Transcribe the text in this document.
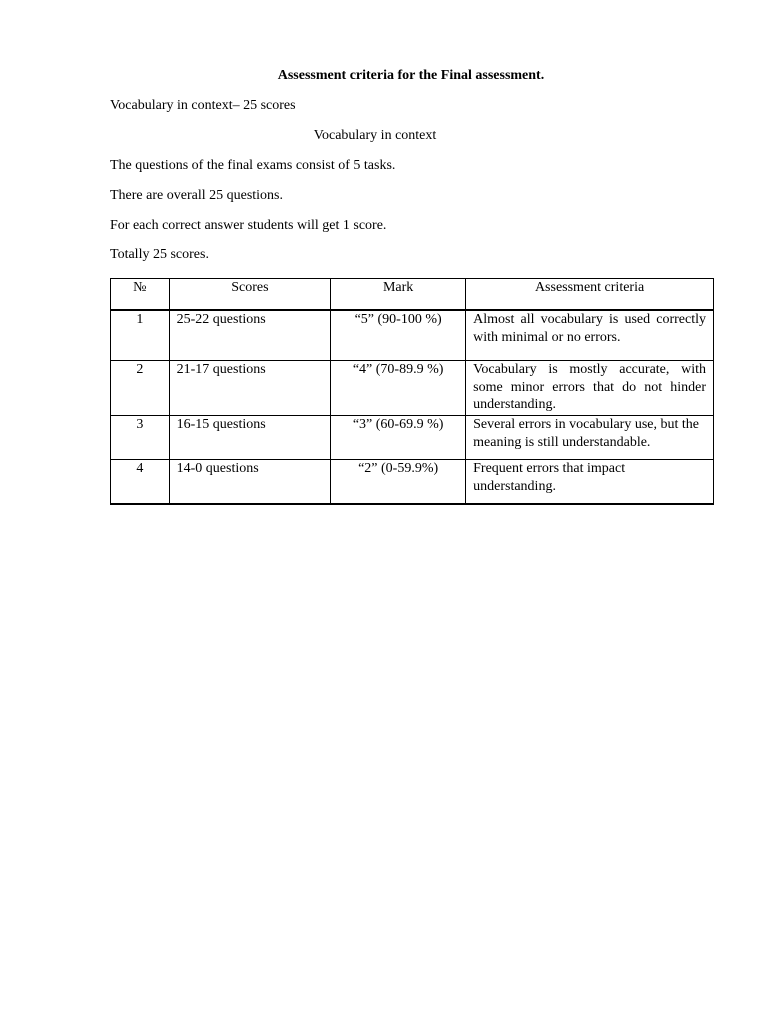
Assessment criteria for the Final assessment.
Vocabulary in context– 25 scores
Vocabulary in context
The questions of the final exams consist of 5 tasks.
There are overall 25 questions.
For each correct answer students will get 1 score.
Totally 25 scores.
№	Scores	Mark	Assessment criteria
1	25-22 questions	“5” (90-100 %)	Almost all vocabulary is used correctly with minimal or no errors.
2	21-17 questions	“4” (70-89.9 %)	Vocabulary is mostly accurate, with some minor errors that do not hinder understanding.
3	16-15 questions	“3” (60-69.9 %)	Several errors in vocabulary use, but the meaning is still understandable.
4	14-0 questions	“2” (0-59.9%)	Frequent errors that impact understanding.
